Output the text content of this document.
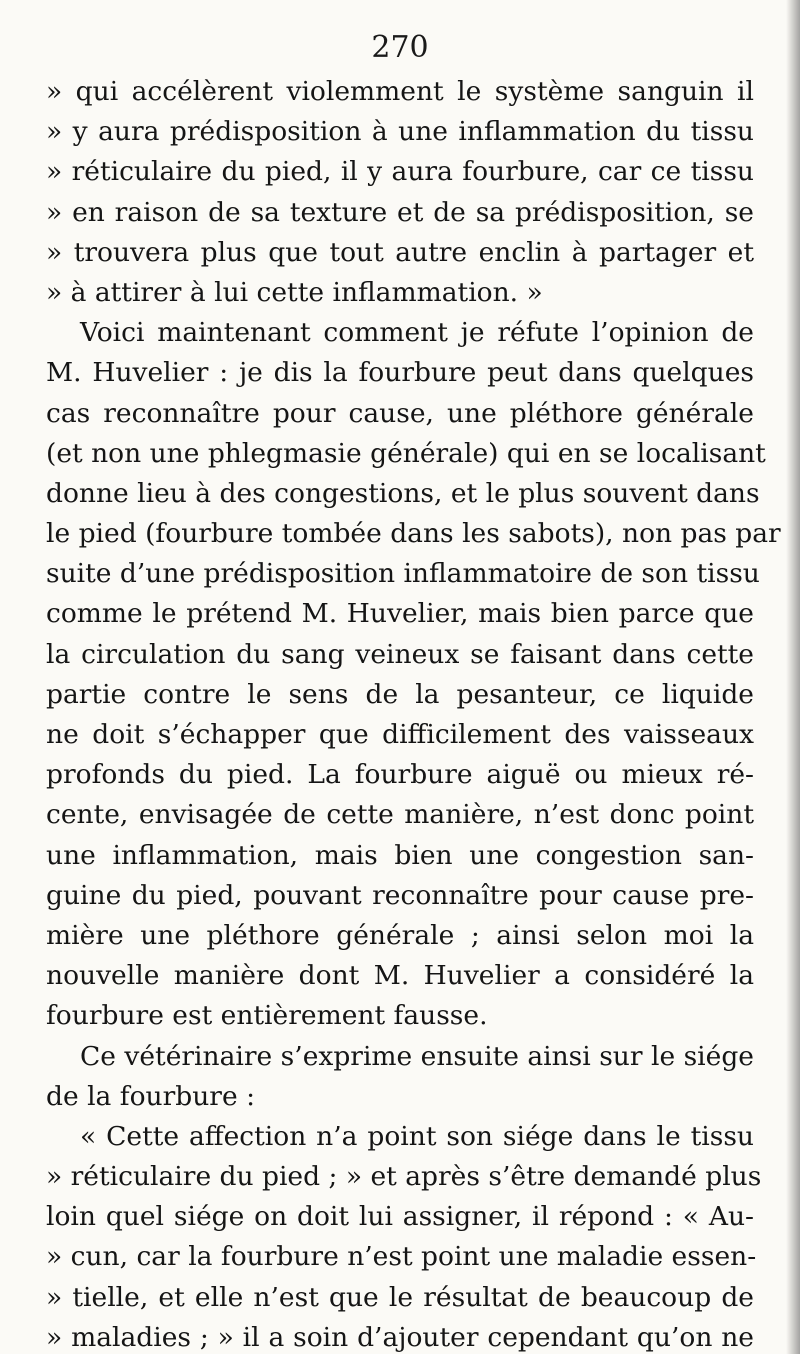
270
» qui accélèrent violemment le système sanguin il
» y aura prédisposition à une inflammation du tissu
» réticulaire du pied, il y aura fourbure, car ce tissu
» en raison de sa texture et de sa prédisposition, se
» trouvera plus que tout autre enclin à partager et
» à attirer à lui cette inflammation. »
Voici maintenant comment je réfute l’opinion de
M. Huvelier : je dis la fourbure peut dans quelques
cas reconnaître pour cause, une pléthore générale
(et non une phlegmasie générale) qui en se localisant
donne lieu à des congestions, et le plus souvent dans
le pied (fourbure tombée dans les sabots), non pas par
suite d’une prédisposition inflammatoire de son tissu
comme le prétend M. Huvelier, mais bien parce que
la circulation du sang veineux se faisant dans cette
partie contre le sens de la pesanteur, ce liquide
ne doit s’échapper que difficilement des vaisseaux
profonds du pied. La fourbure aiguë ou mieux ré-
cente, envisagée de cette manière, n’est donc point
une inflammation, mais bien une congestion san-
guine du pied, pouvant reconnaître pour cause pre-
mière une pléthore générale ; ainsi selon moi la
nouvelle manière dont M. Huvelier a considéré la
fourbure est entièrement fausse.
Ce vétérinaire s’exprime ensuite ainsi sur le siége
de la fourbure :
« Cette affection n’a point son siége dans le tissu
» réticulaire du pied ; » et après s’être demandé plus
loin quel siége on doit lui assigner, il répond : « Au-
» cun, car la fourbure n’est point une maladie essen-
» tielle, et elle n’est que le résultat de beaucoup de
» maladies ; » il a soin d’ajouter cependant qu’on ne
